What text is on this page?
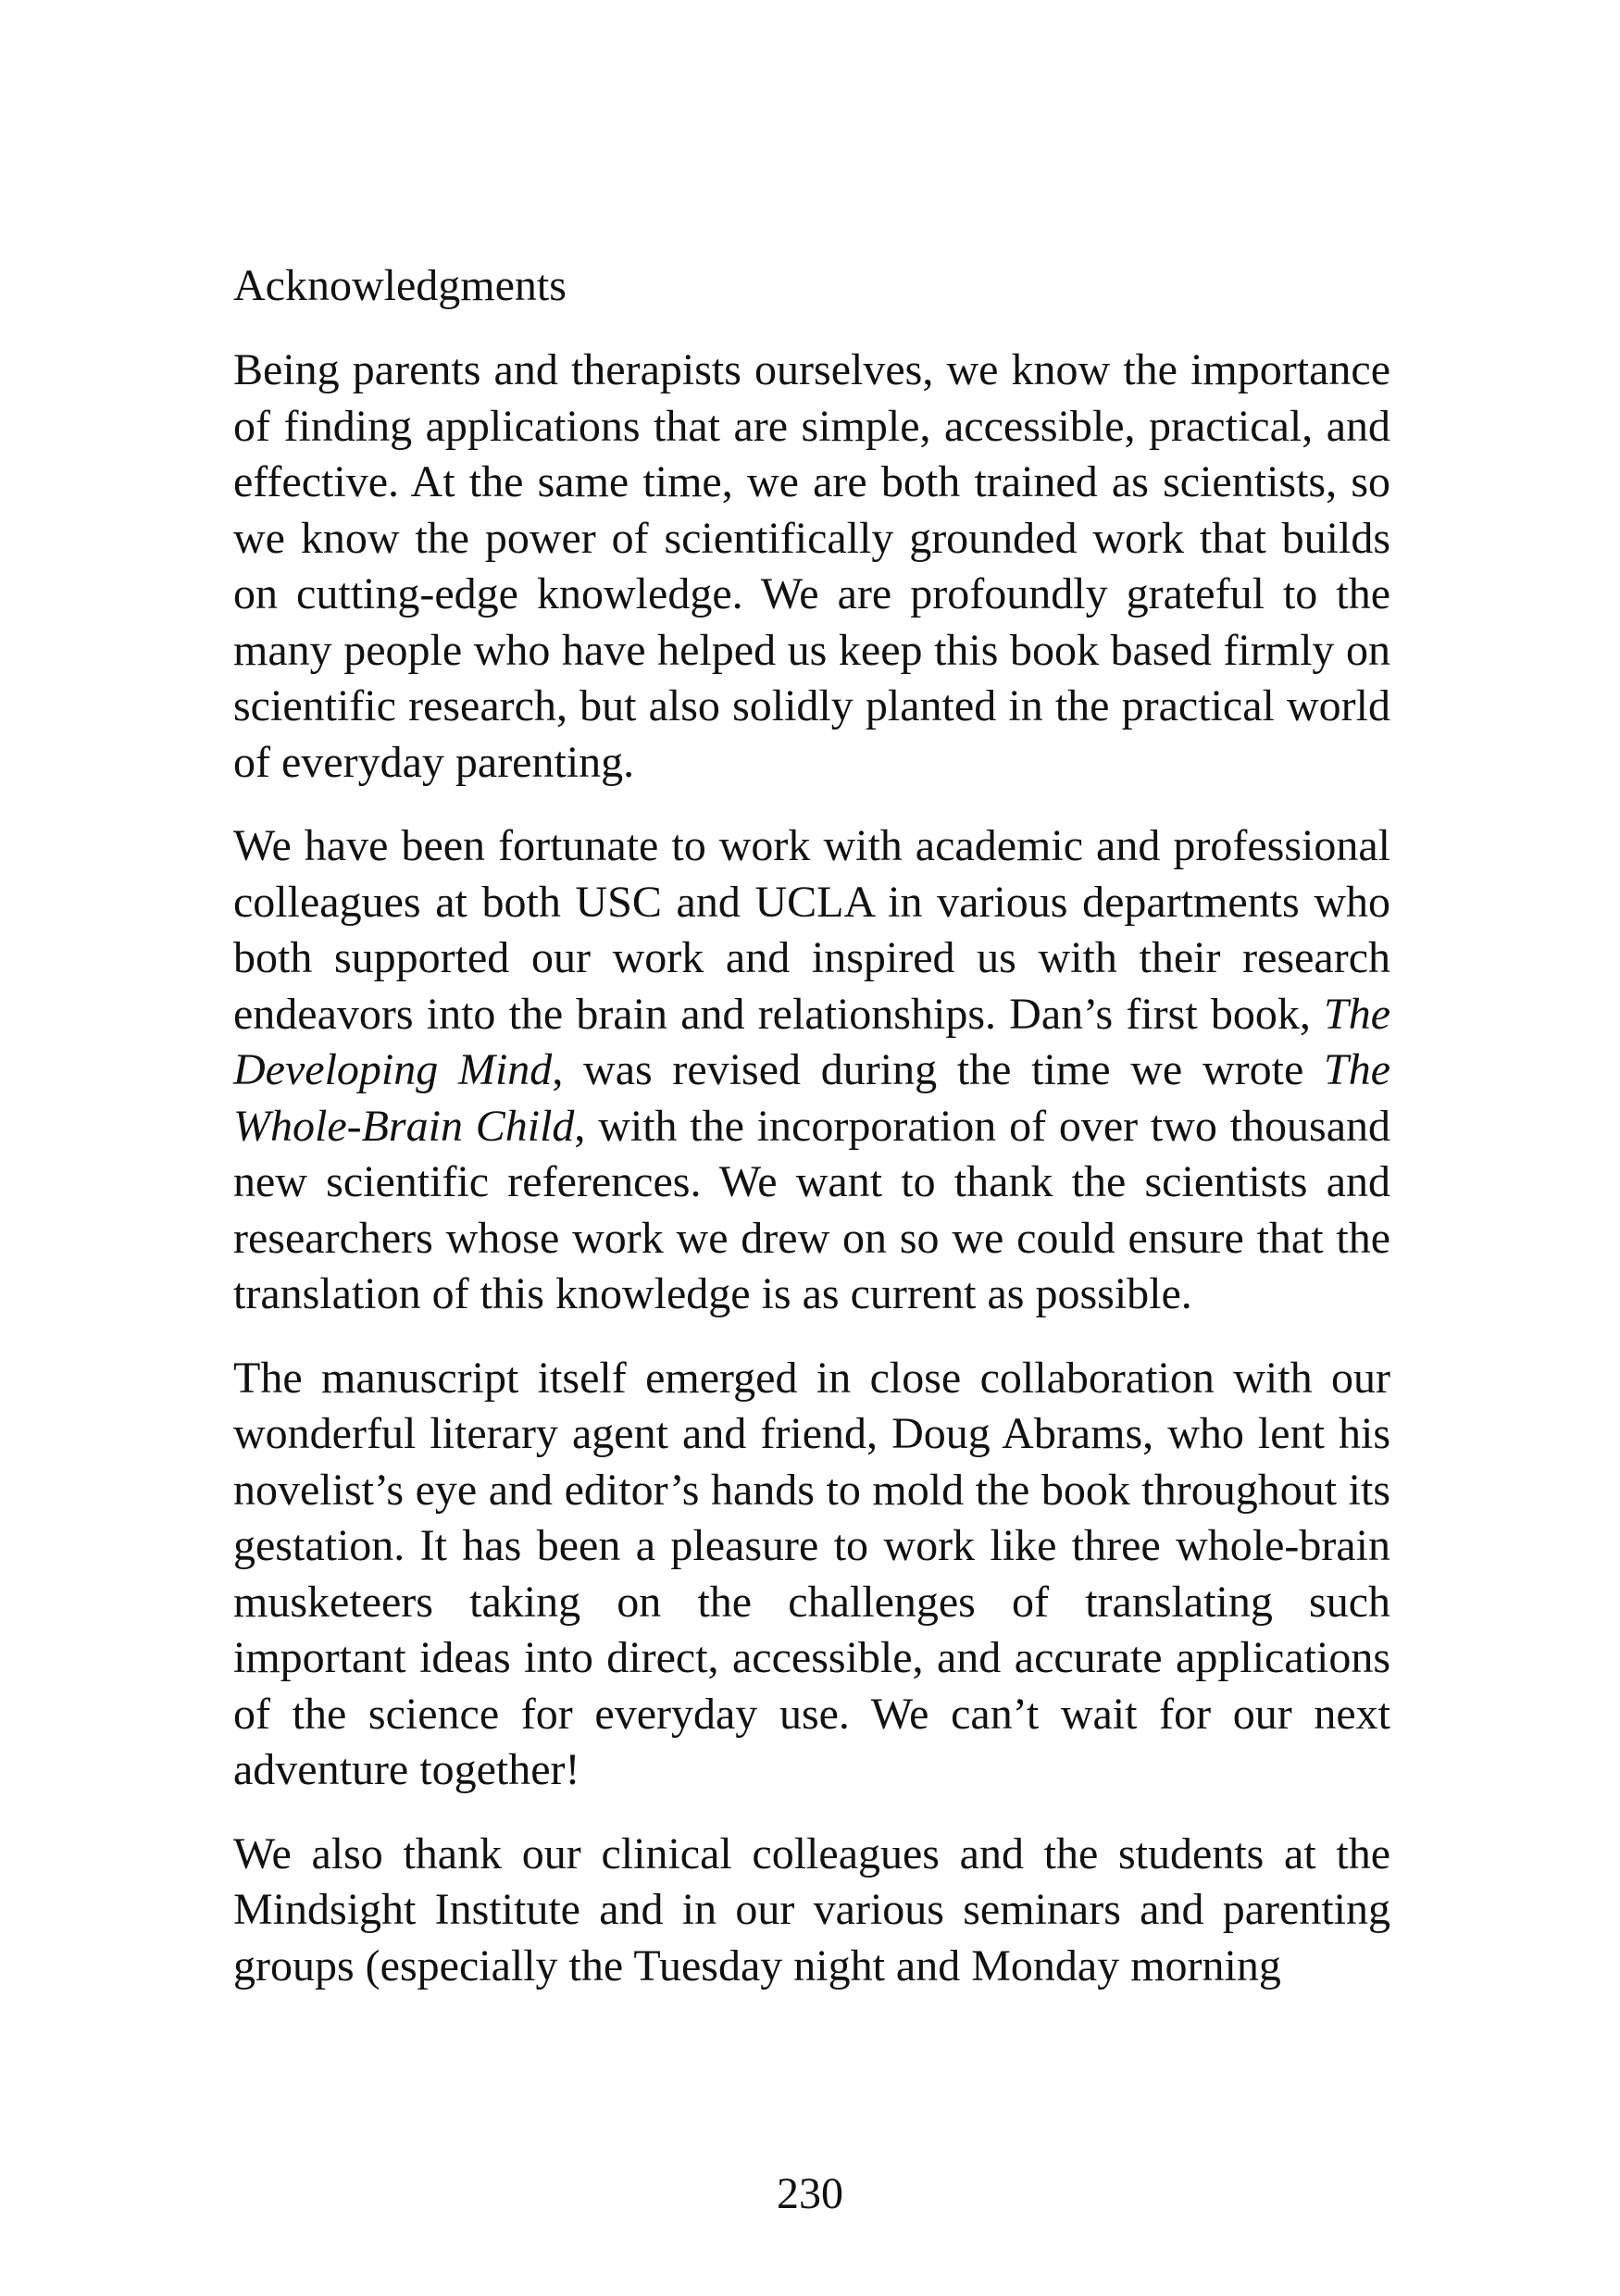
Acknowledgments

Being parents and therapists ourselves, we know the importance of finding applications that are simple, accessible, practical, and effective. At the same time, we are both trained as scientists, so we know the power of scientifically grounded work that builds on cutting-edge knowledge. We are profoundly grateful to the many people who have helped us keep this book based firmly on scientific research, but also solidly planted in the practical world of everyday parenting.

We have been fortunate to work with academic and professional colleagues at both USC and UCLA in various departments who both supported our work and inspired us with their research endeavors into the brain and relationships. Dan’s first book, The Developing Mind, was revised during the time we wrote The Whole-Brain Child, with the incorporation of over two thousand new scientific references. We want to thank the scientists and researchers whose work we drew on so we could ensure that the translation of this knowledge is as current as possible.

The manuscript itself emerged in close collaboration with our wonderful literary agent and friend, Doug Abrams, who lent his novelist’s eye and editor’s hands to mold the book throughout its gestation. It has been a pleasure to work like three whole-brain musketeers taking on the challenges of translating such important ideas into direct, accessible, and accurate applications of the science for everyday use. We can’t wait for our next adventure together!

We also thank our clinical colleagues and the students at the Mindsight Institute and in our various seminars and parenting groups (especially the Tuesday night and Monday morning

230
